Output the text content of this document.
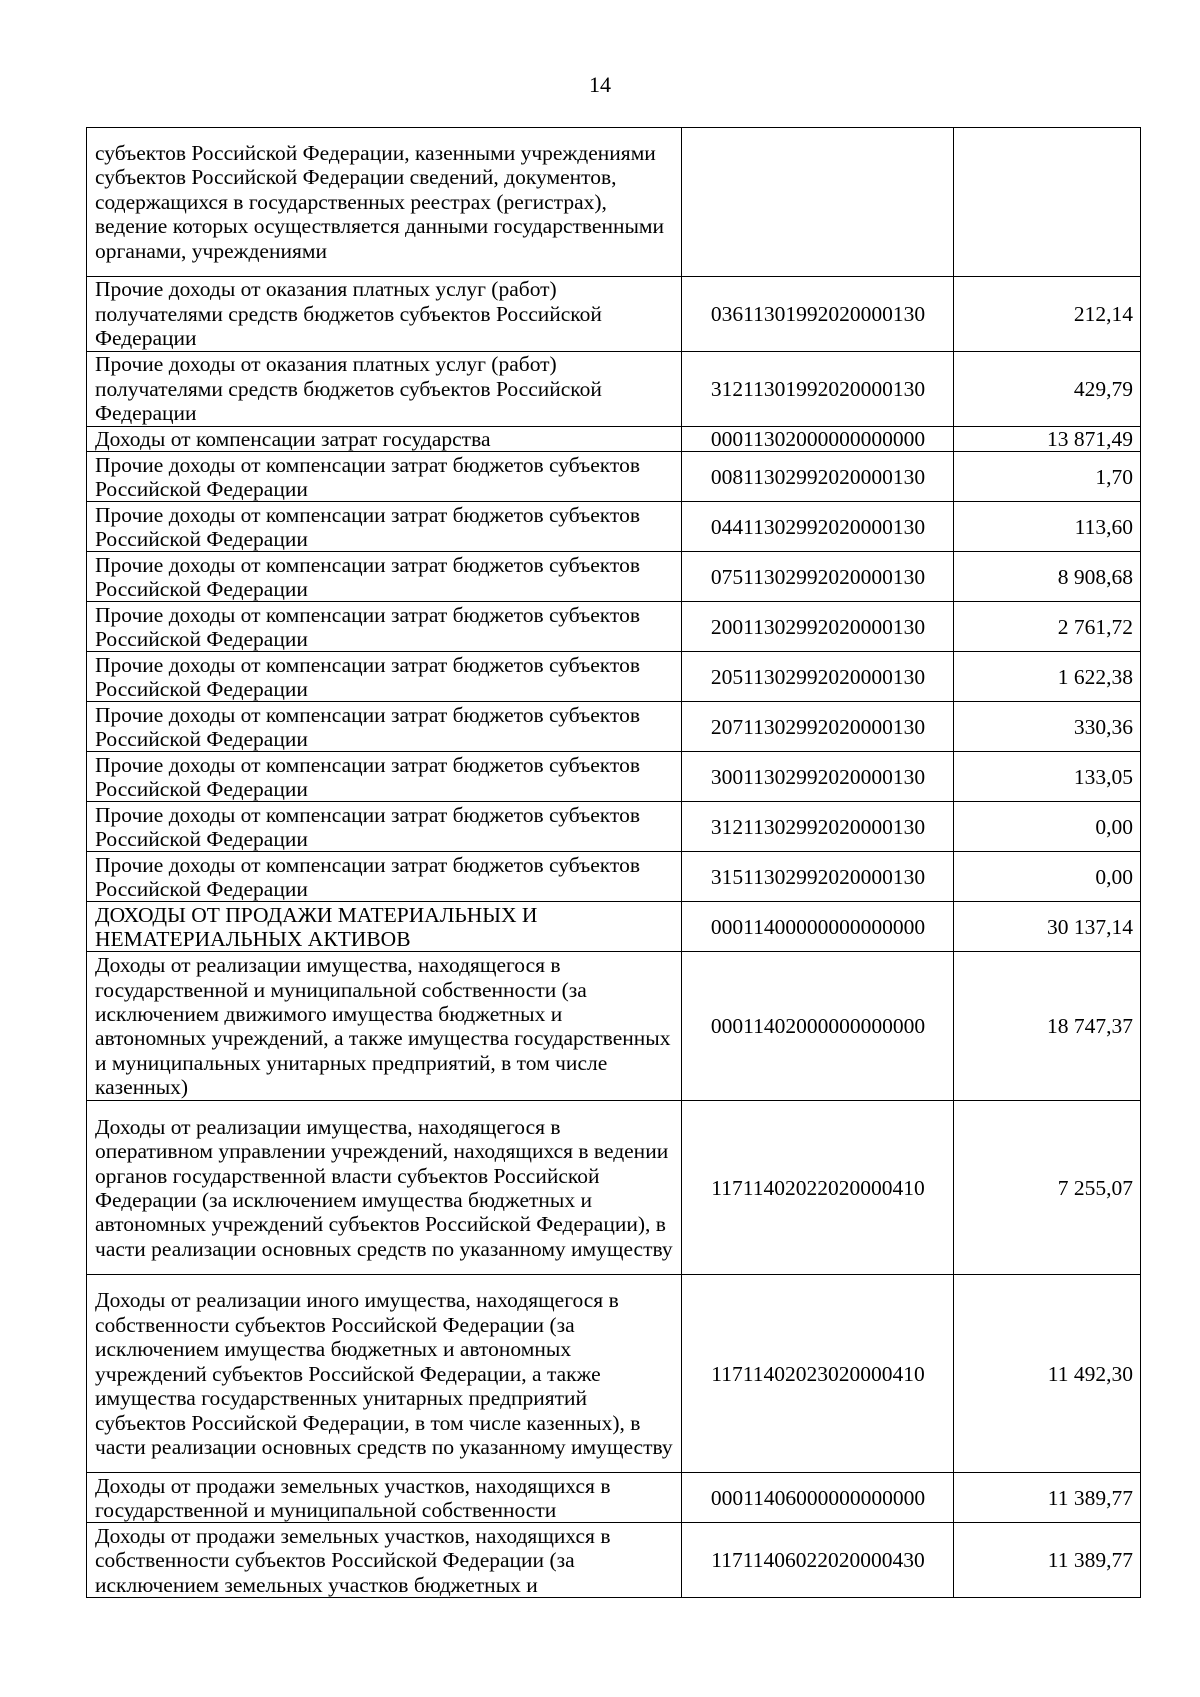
14
субъектов Российской Федерации, казенными учреждениями субъектов Российской Федерации сведений, документов, содержащихся в государственных реестрах (регистрах), ведение которых осуществляется данными государственными органами, учреждениями		
Прочие доходы от оказания платных услуг (работ) получателями средств бюджетов субъектов Российской Федерации	03611301992020000130	212,14
Прочие доходы от оказания платных услуг (работ) получателями средств бюджетов субъектов Российской Федерации	31211301992020000130	429,79
Доходы от компенсации затрат государства	00011302000000000000	13 871,49
Прочие доходы от компенсации затрат бюджетов субъектов Российской Федерации	00811302992020000130	1,70
Прочие доходы от компенсации затрат бюджетов субъектов Российской Федерации	04411302992020000130	113,60
Прочие доходы от компенсации затрат бюджетов субъектов Российской Федерации	07511302992020000130	8 908,68
Прочие доходы от компенсации затрат бюджетов субъектов Российской Федерации	20011302992020000130	2 761,72
Прочие доходы от компенсации затрат бюджетов субъектов Российской Федерации	20511302992020000130	1 622,38
Прочие доходы от компенсации затрат бюджетов субъектов Российской Федерации	20711302992020000130	330,36
Прочие доходы от компенсации затрат бюджетов субъектов Российской Федерации	30011302992020000130	133,05
Прочие доходы от компенсации затрат бюджетов субъектов Российской Федерации	31211302992020000130	0,00
Прочие доходы от компенсации затрат бюджетов субъектов Российской Федерации	31511302992020000130	0,00
ДОХОДЫ ОТ ПРОДАЖИ МАТЕРИАЛЬНЫХ И НЕМАТЕРИАЛЬНЫХ АКТИВОВ	00011400000000000000	30 137,14
Доходы от реализации имущества, находящегося в государственной и муниципальной собственности (за исключением движимого имущества бюджетных и автономных учреждений, а также имущества государственных и муниципальных унитарных предприятий, в том числе казенных)	00011402000000000000	18 747,37
Доходы от реализации имущества, находящегося в оперативном управлении учреждений, находящихся в ведении органов государственной власти субъектов Российской Федерации (за исключением имущества бюджетных и автономных учреждений субъектов Российской Федерации), в части реализации основных средств по указанному имуществу	11711402022020000410	7 255,07
Доходы от реализации иного имущества, находящегося в собственности субъектов Российской Федерации (за исключением имущества бюджетных и автономных учреждений субъектов Российской Федерации, а также имущества государственных унитарных предприятий субъектов Российской Федерации, в том числе казенных), в части реализации основных средств по указанному имуществу	11711402023020000410	11 492,30
Доходы от продажи земельных участков, находящихся в государственной и муниципальной собственности	00011406000000000000	11 389,77
Доходы от продажи земельных участков, находящихся в собственности субъектов Российской Федерации (за исключением земельных участков бюджетных и	11711406022020000430	11 389,77
